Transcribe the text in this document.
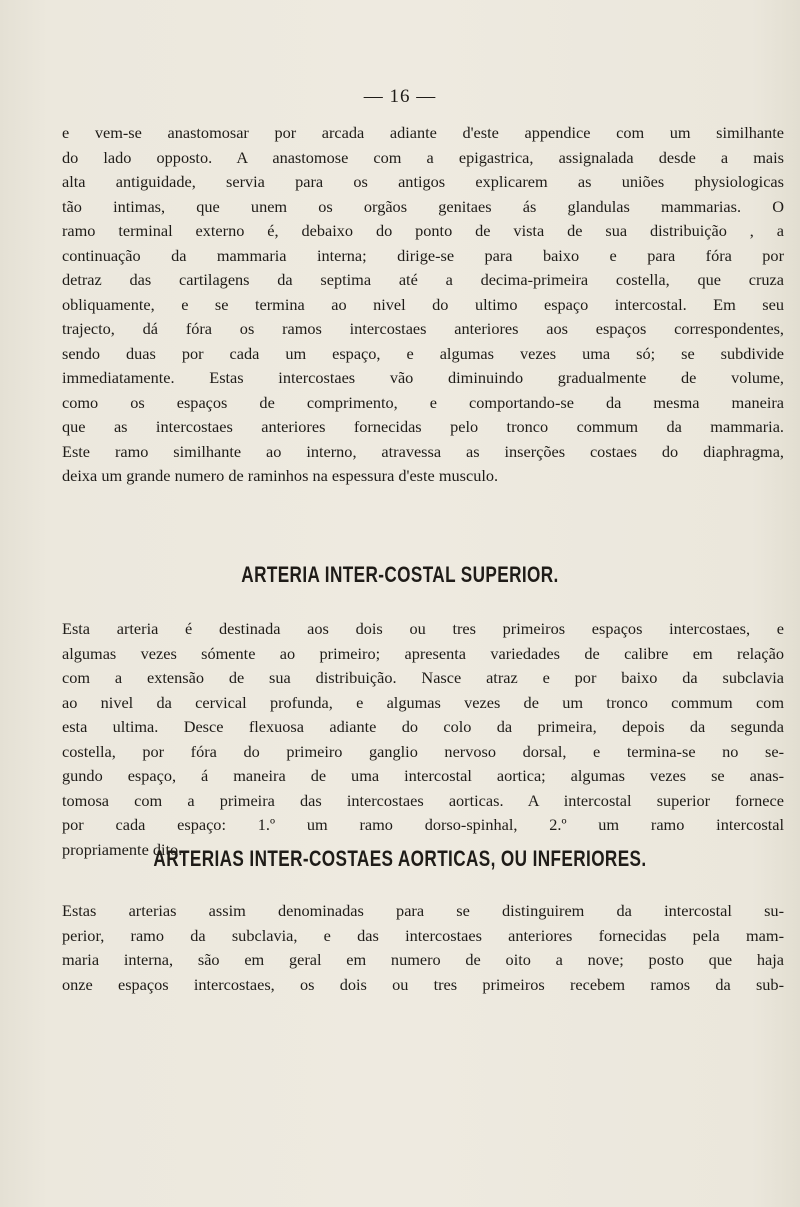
— 16 —

e vem-se anastomosar por arcada adiante d'este appendice com um similhante
do lado opposto. A anastomose com a epigastrica, assignalada desde a mais
alta antiguidade, servia para os antigos explicarem as uniões physiologicas
tão intimas, que unem os orgãos genitaes ás glandulas mammarias. O
ramo terminal externo é, debaixo do ponto de vista de sua distribuição , a
continuação da mammaria interna; dirige-se para baixo e para fóra por
detraz das cartilagens da septima até a decima-primeira costella, que cruza
obliquamente, e se termina ao nivel do ultimo espaço intercostal. Em seu
trajecto, dá fóra os ramos intercostaes anteriores aos espaços correspondentes,
sendo duas por cada um espaço, e algumas vezes uma só; se subdivide
immediatamente. Estas intercostaes vão diminuindo gradualmente de volume,
como os espaços de comprimento, e comportando-se da mesma maneira
que as intercostaes anteriores fornecidas pelo tronco commum da mammaria.
Este ramo similhante ao interno, atravessa as inserções costaes do diaphragma,
deixa um grande numero de raminhos na espessura d'este musculo.

ARTERIA INTER-COSTAL SUPERIOR.

Esta arteria é destinada aos dois ou tres primeiros espaços intercostaes, e
algumas vezes sómente ao primeiro; apresenta variedades de calibre em relação
com a extensão de sua distribuição. Nasce atraz e por baixo da subclavia
ao nivel da cervical profunda, e algumas vezes de um tronco commum com
esta ultima. Desce flexuosa adiante do colo da primeira, depois da segunda
costella, por fóra do primeiro ganglio nervoso dorsal, e termina-se no se-
gundo espaço, á maneira de uma intercostal aortica; algumas vezes se anas-
tomosa com a primeira das intercostaes aorticas. A intercostal superior fornece
por cada espaço: 1.º um ramo dorso-spinhal, 2.º um ramo intercostal
propriamente dito.

ARTERIAS INTER-COSTAES AORTICAS, OU INFERIORES.

Estas arterias assim denominadas para se distinguirem da intercostal su-
perior, ramo da subclavia, e das intercostaes anteriores fornecidas pela mam-
maria interna, são em geral em numero de oito a nove; posto que haja
onze espaços intercostaes, os dois ou tres primeiros recebem ramos da sub-
